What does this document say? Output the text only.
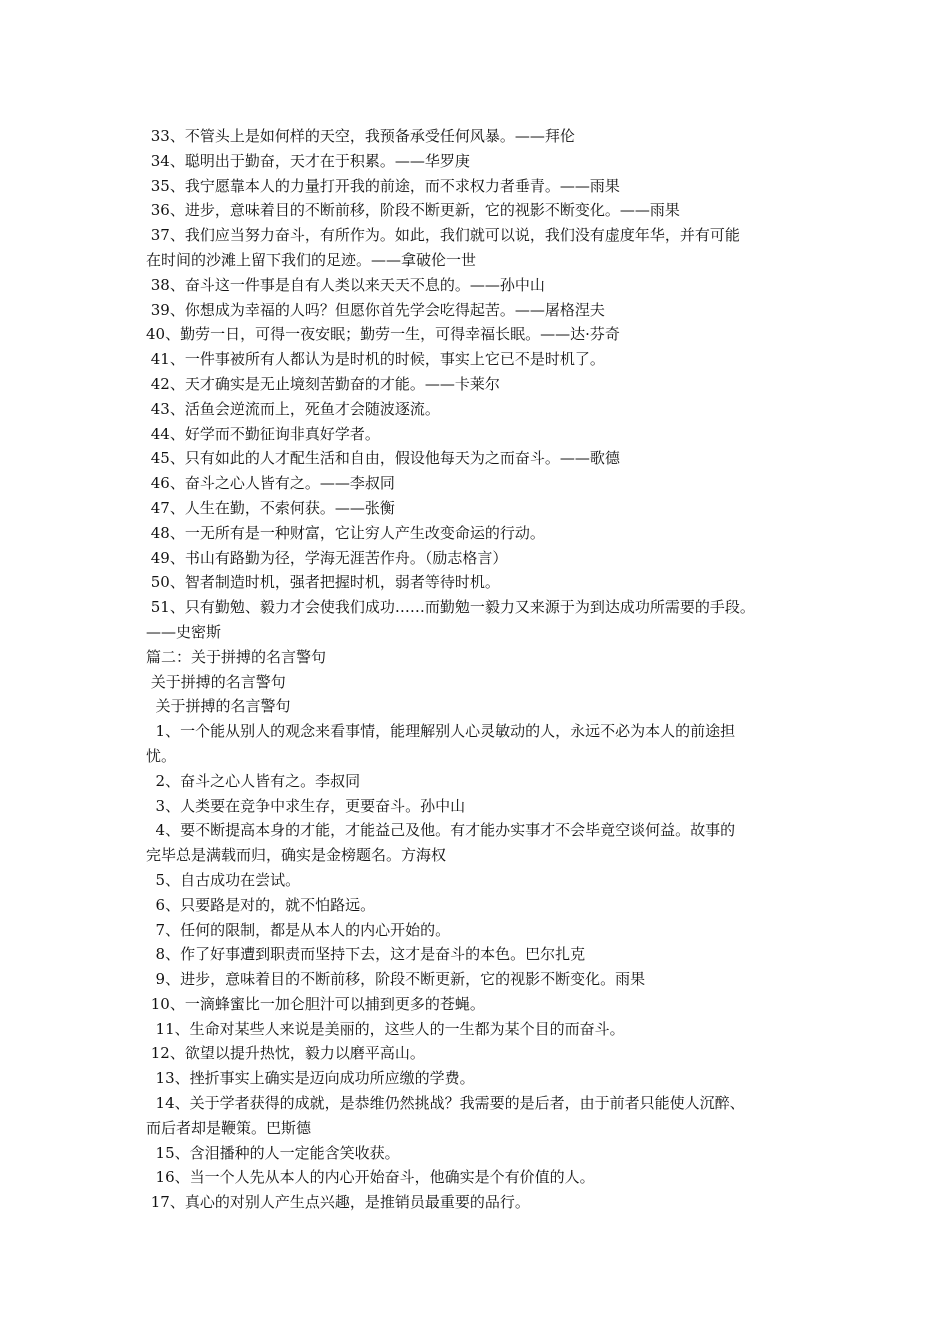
33、不管头上是如何样的天空，我预备承受任何风暴。——拜伦
34、聪明出于勤奋，天才在于积累。——华罗庚
35、我宁愿靠本人的力量打开我的前途，而不求权力者垂青。——雨果
36、进步，意味着目的不断前移，阶段不断更新，它的视影不断变化。——雨果
37、我们应当努力奋斗，有所作为。如此，我们就可以说，我们没有虚度年华，并有可能
在时间的沙滩上留下我们的足迹。——拿破伦一世
38、奋斗这一件事是自有人类以来天天不息的。——孙中山
39、你想成为幸福的人吗？但愿你首先学会吃得起苦。——屠格涅夫
40、勤劳一日，可得一夜安眠；勤劳一生，可得幸福长眠。——达·芬奇
41、一件事被所有人都认为是时机的时候，事实上它已不是时机了。
42、天才确实是无止境刻苦勤奋的才能。——卡莱尔
43、活鱼会逆流而上，死鱼才会随波逐流。
44、好学而不勤征询非真好学者。
45、只有如此的人才配生活和自由，假设他每天为之而奋斗。——歌德
46、奋斗之心人皆有之。——李叔同
47、人生在勤，不索何获。——张衡
48、一无所有是一种财富，它让穷人产生改变命运的行动。
49、书山有路勤为径，学海无涯苦作舟。（励志格言）
50、智者制造时机，强者把握时机，弱者等待时机。
51、只有勤勉、毅力才会使我们成功……而勤勉一毅力又来源于为到达成功所需要的手段。
——史密斯
篇二：关于拼搏的名言警句
关于拼搏的名言警句
关于拼搏的名言警句
1、一个能从别人的观念来看事情，能理解别人心灵敏动的人，永远不必为本人的前途担
忧。
2、奋斗之心人皆有之。李叔同
3、人类要在竞争中求生存，更要奋斗。孙中山
4、要不断提高本身的才能，才能益己及他。有才能办实事才不会毕竟空谈何益。故事的
完毕总是满载而归，确实是金榜题名。方海权
5、自古成功在尝试。
6、只要路是对的，就不怕路远。
7、任何的限制，都是从本人的内心开始的。
8、作了好事遭到职责而坚持下去，这才是奋斗的本色。巴尔扎克
9、进步，意味着目的不断前移，阶段不断更新，它的视影不断变化。雨果
10、一滴蜂蜜比一加仑胆汁可以捕到更多的苍蝇。
11、生命对某些人来说是美丽的，这些人的一生都为某个目的而奋斗。
12、欲望以提升热忱，毅力以磨平高山。
13、挫折事实上确实是迈向成功所应缴的学费。
14、关于学者获得的成就，是恭维仍然挑战？我需要的是后者，由于前者只能使人沉醉、
而后者却是鞭策。巴斯德
15、含泪播种的人一定能含笑收获。
16、当一个人先从本人的内心开始奋斗，他确实是个有价值的人。
17、真心的对别人产生点兴趣，是推销员最重要的品行。
